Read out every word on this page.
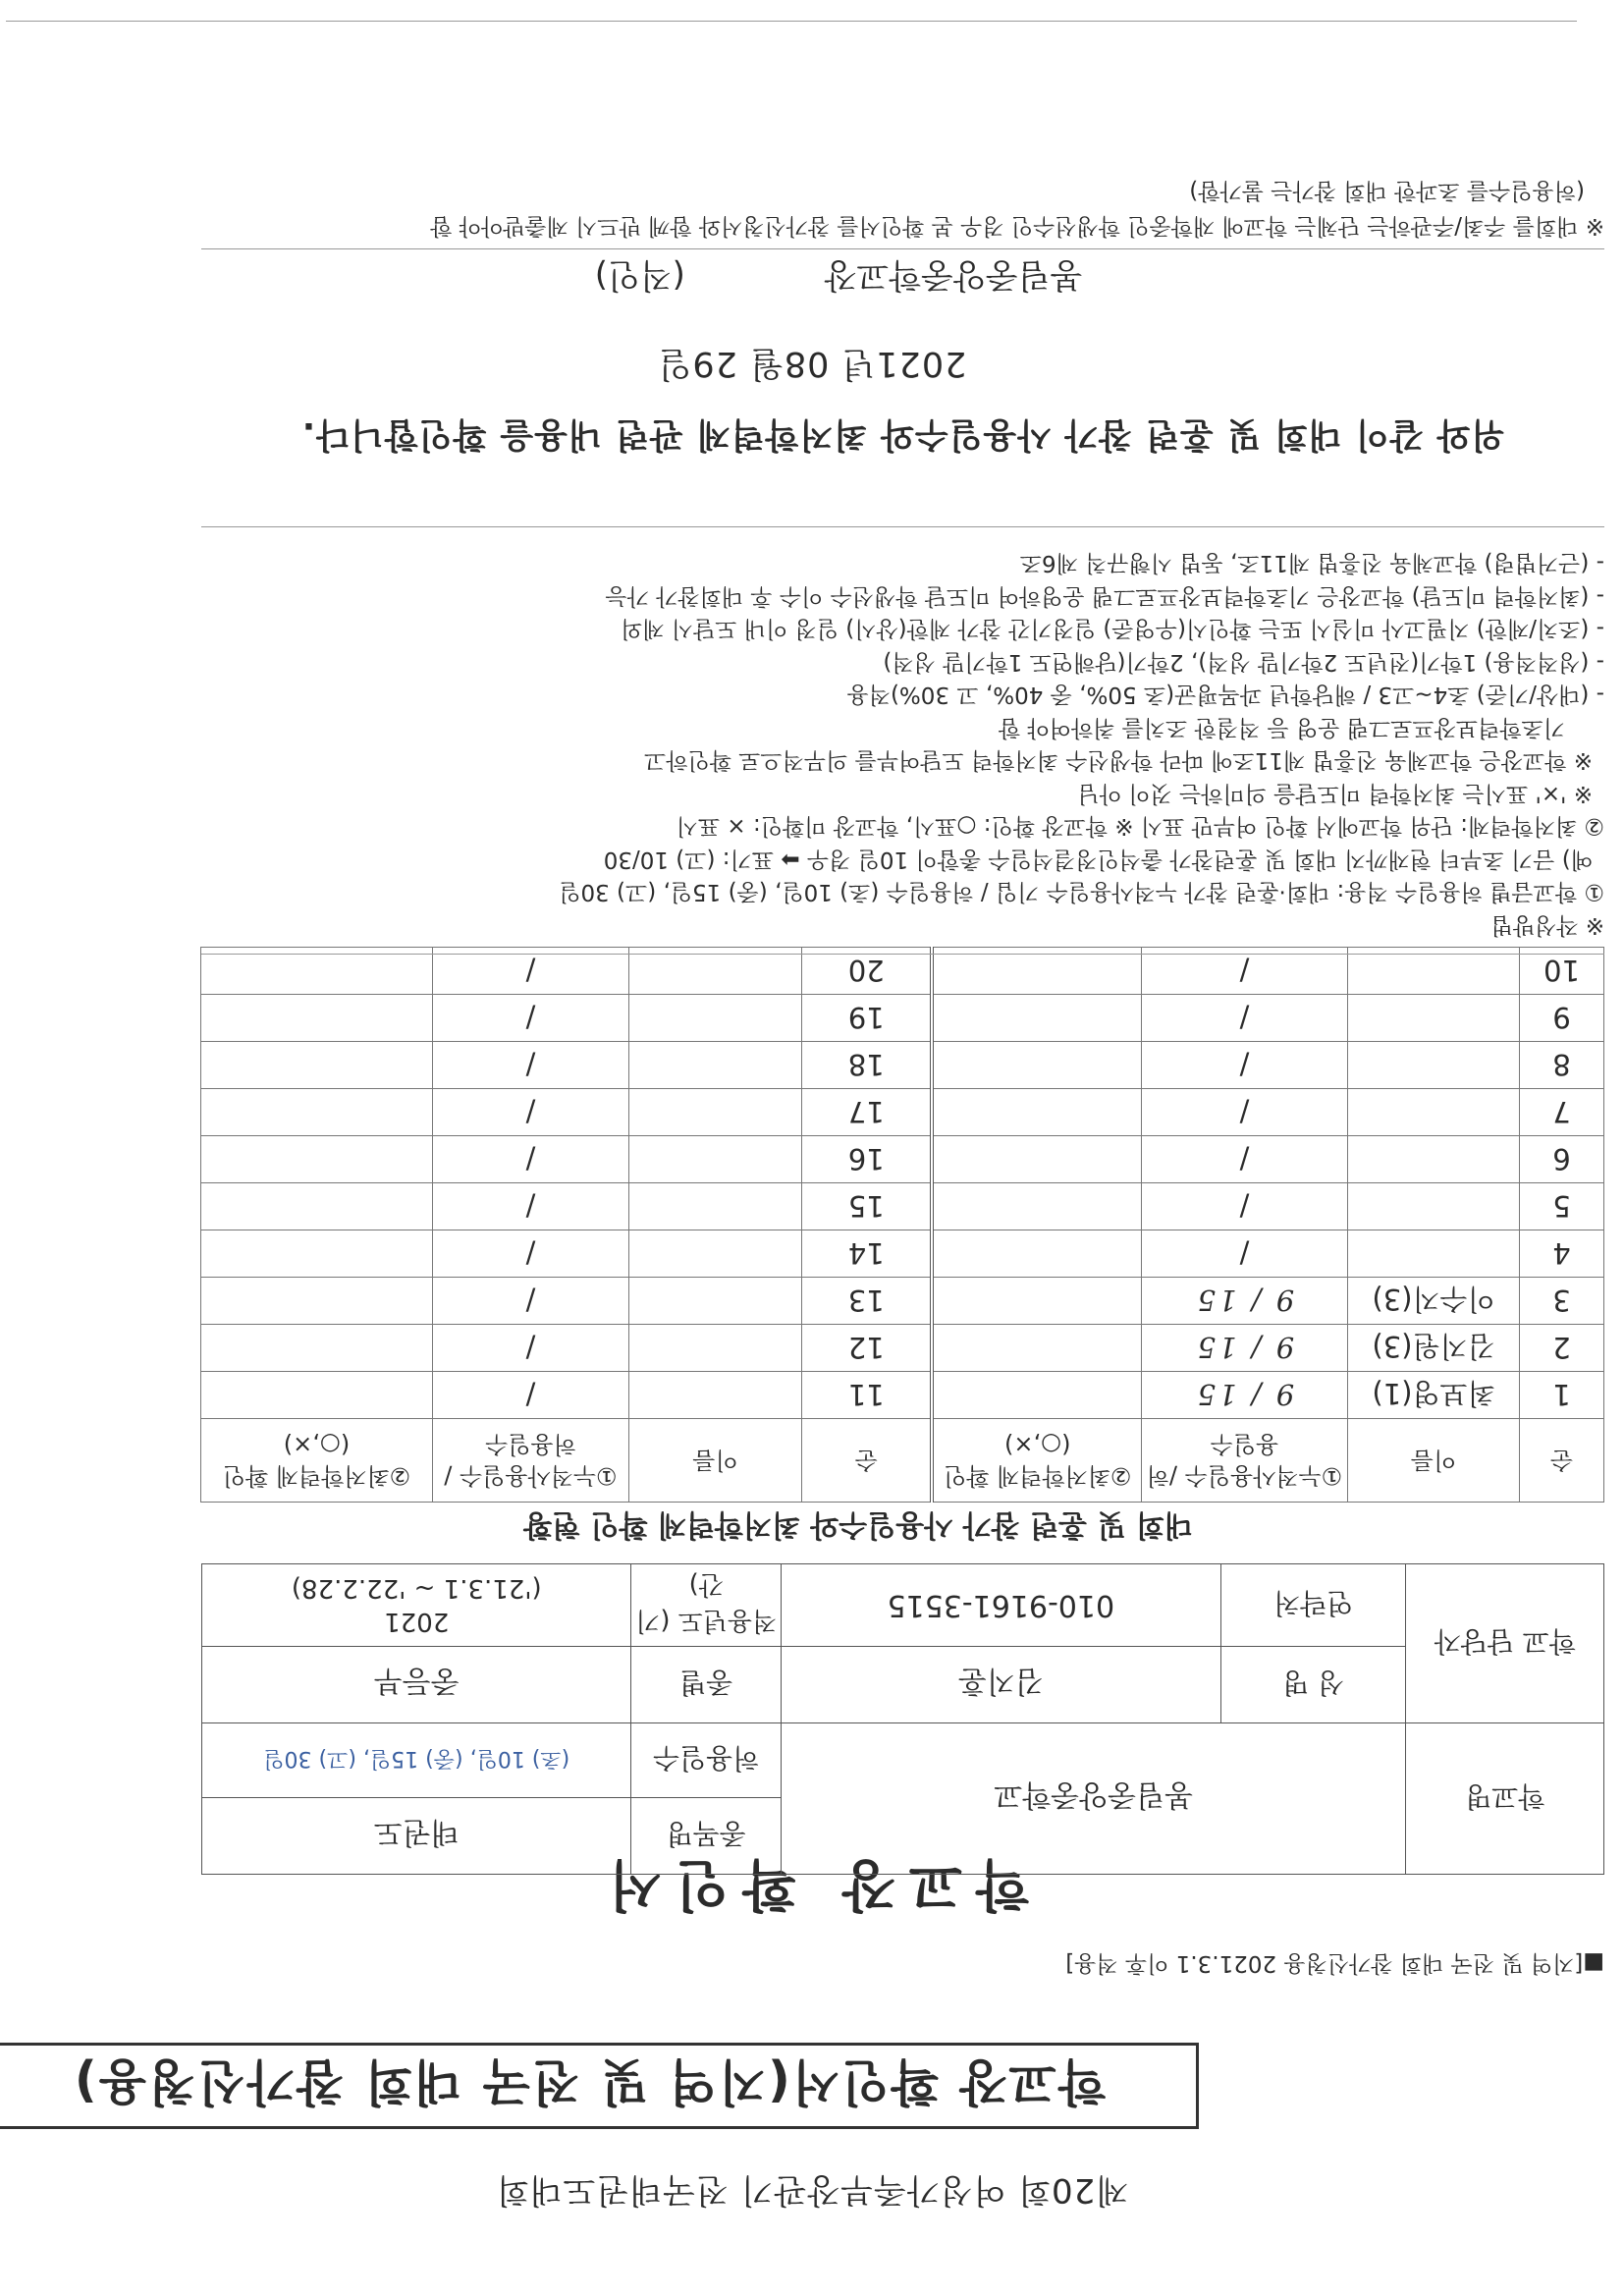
제20회 여성가족부장관기 전국태권도대회
학교장 확인서(지역 및 전국 대회 참가신청용)
■[지역 및 전국 대회 참가신청용 2021.3.1 이후 적용]
학교장 확인서
학교명	봉림중앙중학교		종목명	태권도
			허용일수	(초) 10일, (중) 15일, (고) 30일
학교 담당자	성 명	김지훈	종별	중등부
	연락처	010-9161-3515	적용년도 (기간)	2021
('21.3.1 ~ '22.2.28)
대회 및 훈련 참가 사용일수와 최저학력제 확인 현황
순	이름	①누적사용일수 /허용일수	②최저학력제 확인(○,×)	순	이름	①누적사용일수 /허용일수	②최저학력제 확인(○,×)
1	최보영(1)	9 / 15		11		/	
2	김지원(3)	9 / 15		12		/	
3	이수지(3)	9 / 15		13		/	
4		/		14		/	
5		/		15		/	
6		/		16		/	
7		/		17		/	
8		/		18		/	
9		/		19		/	
10		/		20		/	
※ 작성방법
① 학교급별 허용일수 적용: 대회·훈련 참가 누적사용일수 기입 / 허용일수 (초) 10일, (중) 15일, (고) 30일
예) 금기 초부터 현재까지 대회 및 훈련참가 출석인정결석일수 총합이 10일 경우 ➡ 표기: (고) 10/30
② 최저학력제: 단위 학교에서 확인 여부만 표시 ※ 학교장 확인: ○표시, 학교장 미확인: × 표시
※ '×' 표시는 최저학력 미도달을 의미하는 것이 아님
※ 학교장은 학교체육 진흥법 제11조에 따라 학생선수 최저학력 도달여부를 의무적으로 확인하고
기초학력보장프로그램 운영 등 적절한 조치를 취하여야 함
- (대상/기준) 초4~고3 / 해당학년 과목평균(초 50%, 중 40%, 고 30%)적용
- (성적적용) 1학기(전년도 2학기말 성적), 2학기(당해연도 1학기말 성적)
- (조치/제한) 지필고사 미실시 또는 확인시(우영준) 일정기간 참가 제한(상시) 일정 이내 도달시 제외
- (최저학력 미도달) 학교장은 기초학력보장프로그램 운영하여 미도달 학생선수 이수 후 대회참가 가능
- (근거법령) 학교체육 진흥법 제11조, 동법 시행규칙 제6조
위와 같이 대회 및 훈련 참가 사용일수와 최저학력제 관련 내용을 확인합니다.
2021년 08월 29일
봉림중앙중학교장  (직인)
※ 대회를 주최/주관하는 단체는 학교에 재학중인 학생선수인 경우 본 확인서를 참가신청서와 함께 반드시 제출받아야 함
(허용일수를 초과한 대회 참가는 불가함)
